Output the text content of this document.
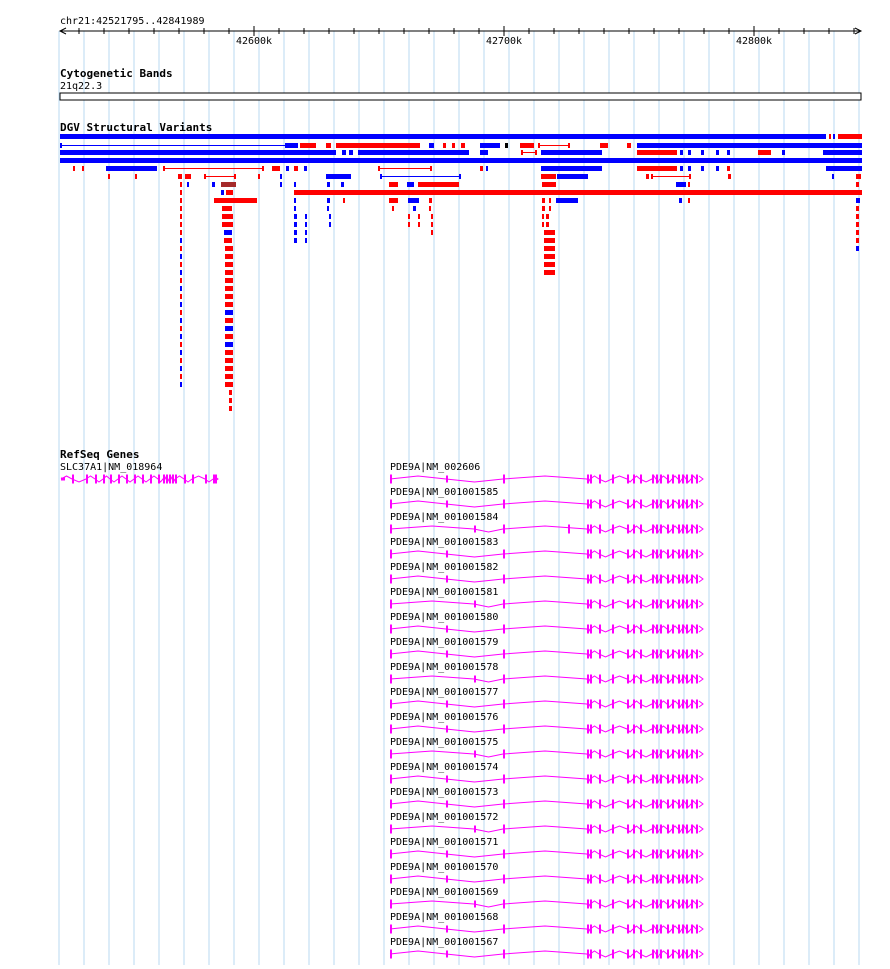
chr21:42521795..42841989
42600k	42700k	42800k
Cytogenetic Bands
21q22.3
DGV Structural Variants
RefSeq Genes
SLC37A1|NM_018964	PDE9A|NM_002606
PDE9A|NM_001001585
PDE9A|NM_001001584
PDE9A|NM_001001583
PDE9A|NM_001001582
PDE9A|NM_001001581
PDE9A|NM_001001580
PDE9A|NM_001001579
PDE9A|NM_001001578
PDE9A|NM_001001577
PDE9A|NM_001001576
PDE9A|NM_001001575
PDE9A|NM_001001574
PDE9A|NM_001001573
PDE9A|NM_001001572
PDE9A|NM_001001571
PDE9A|NM_001001570
PDE9A|NM_001001569
PDE9A|NM_001001568
PDE9A|NM_001001567
